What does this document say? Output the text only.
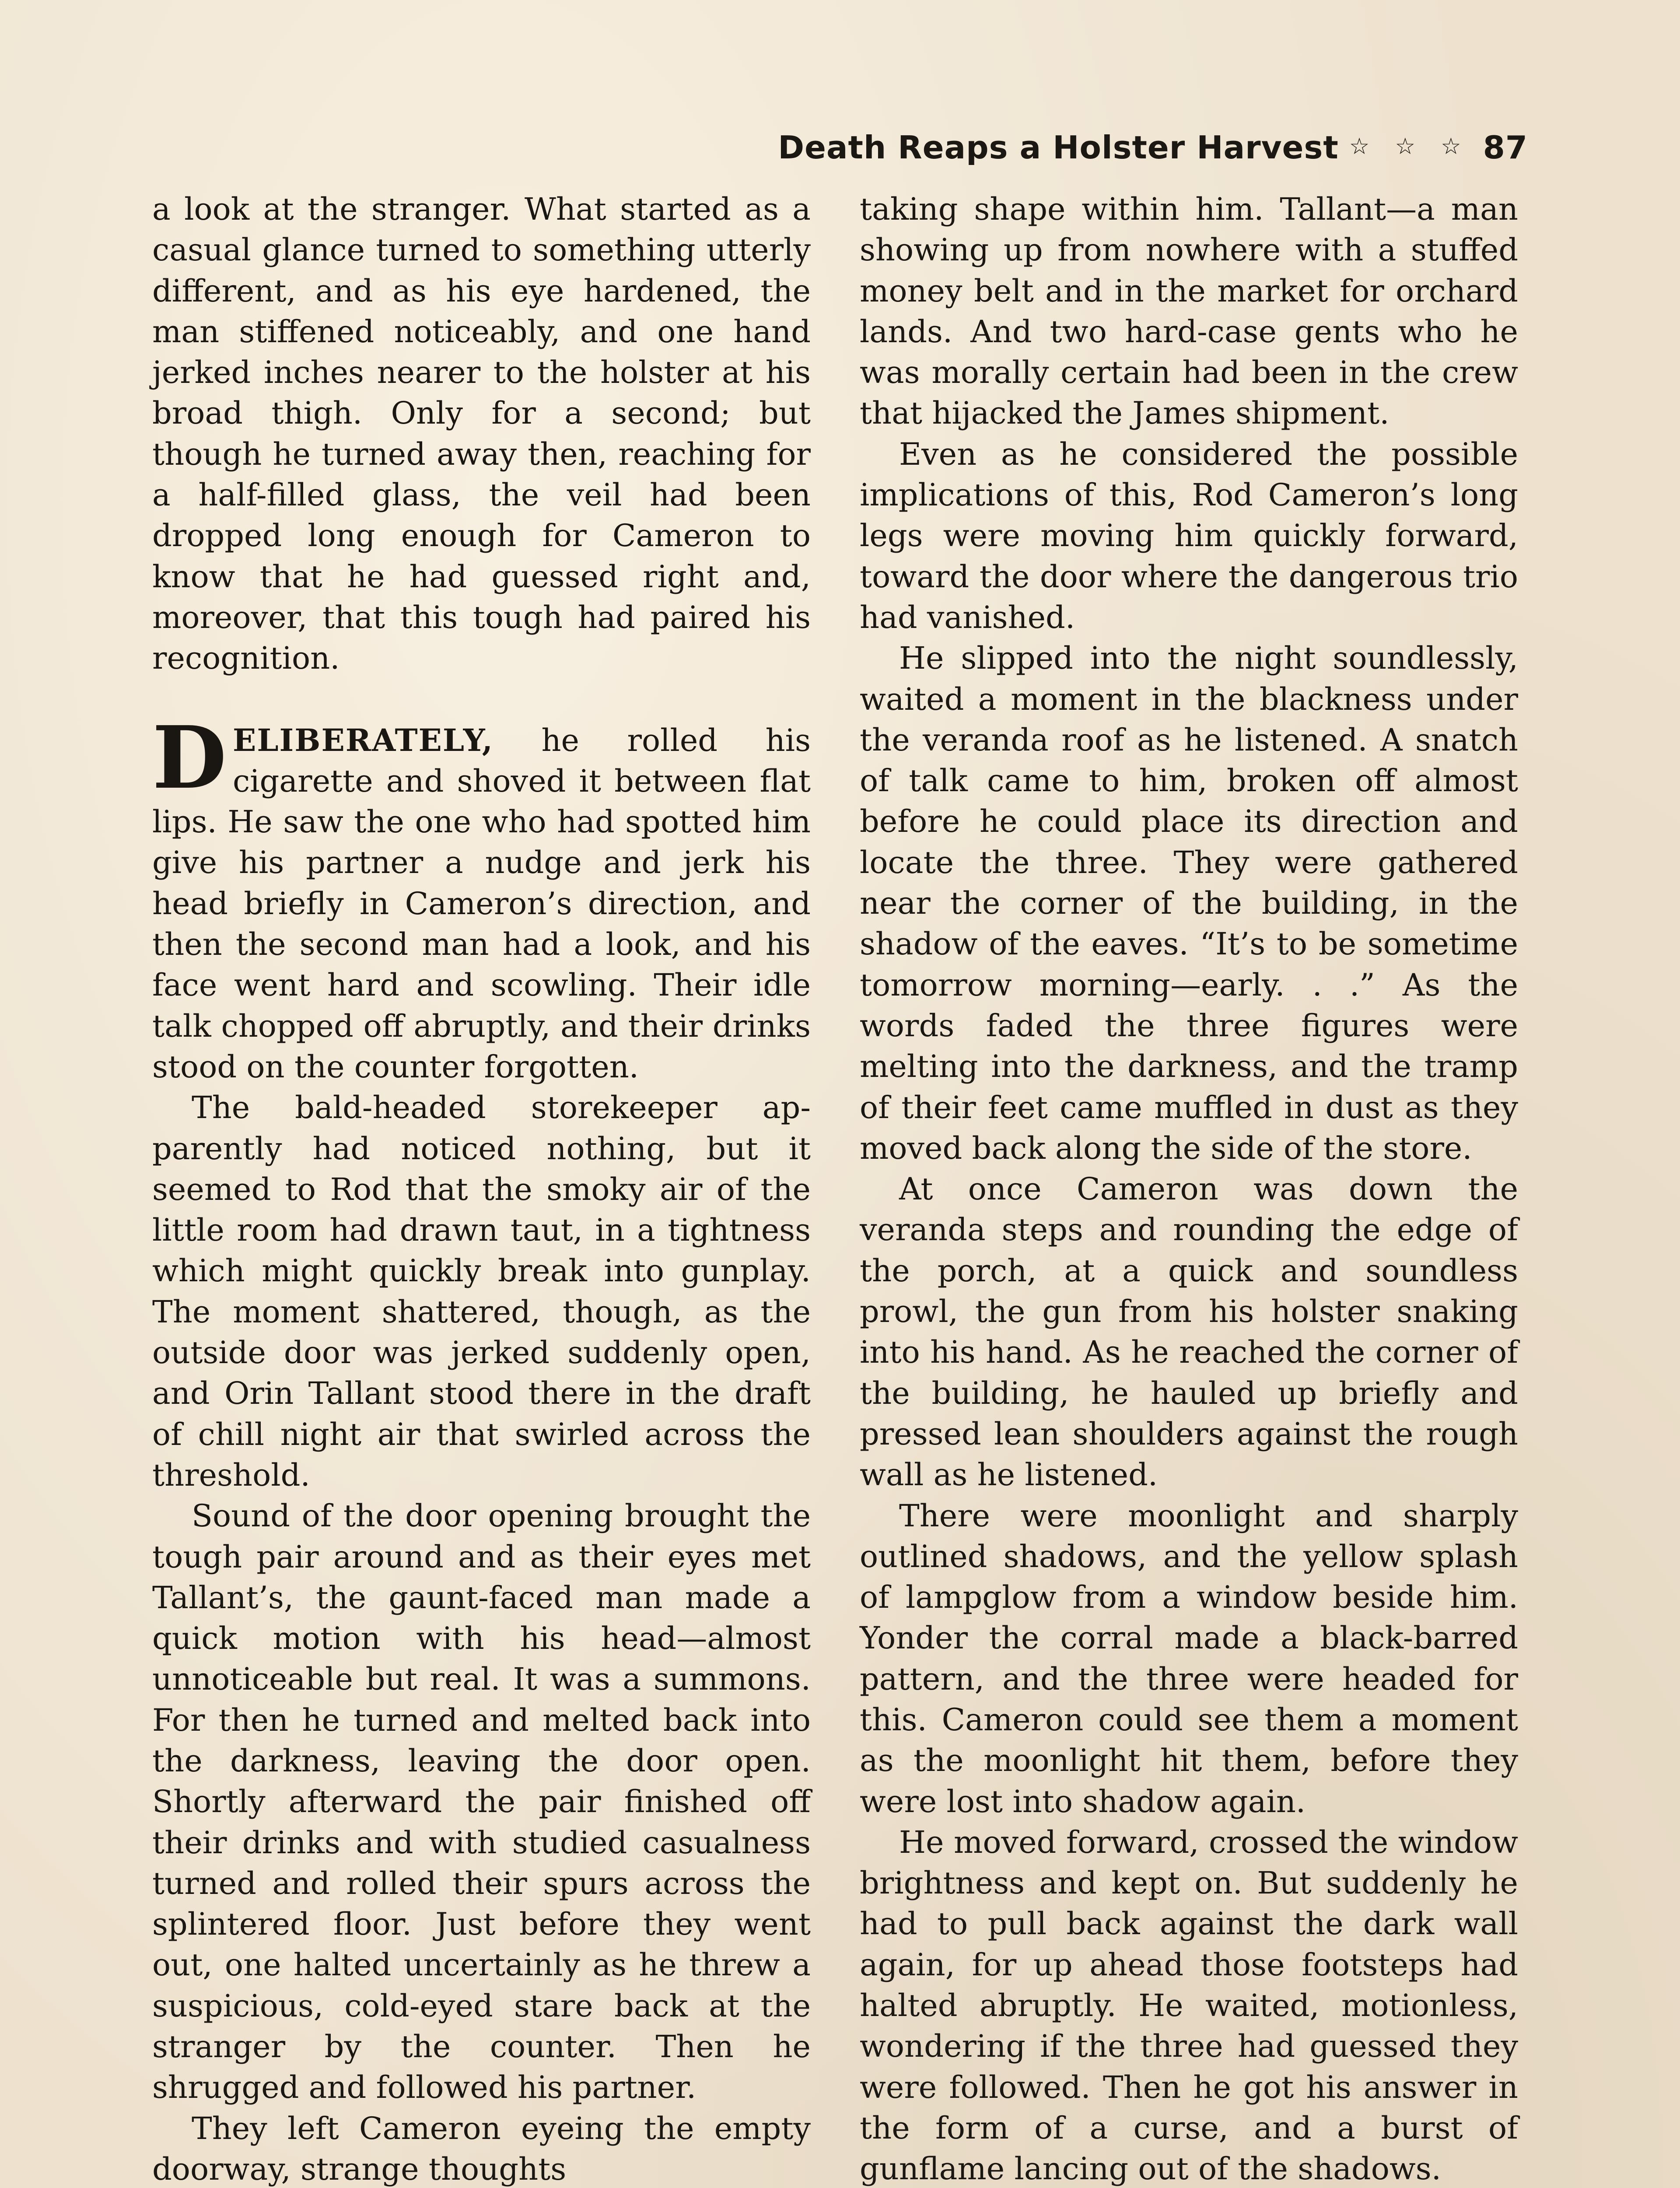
Death Reaps a Holster Harvest ☆ ☆ ☆ 87

a look at the stranger. What started as a casual glance turned to something utterly different, and as his eye hardened, the man stiffened noticeably, and one hand jerked inches nearer to the holster at his broad thigh. Only for a second; but though he turned away then, reaching for a half-filled glass, the veil had been dropped long enough for Cameron to know that he had guessed right and, moreover, that this tough had paired his recognition.

DELIBERATELY, he rolled his cigarette and shoved it between flat lips. He saw the one who had spotted him give his partner a nudge and jerk his head briefly in Cameron’s direction, and then the second man had a look, and his face went hard and scowling. Their idle talk chopped off abruptly, and their drinks stood on the counter forgotten.

The bald-headed storekeeper apparently had noticed nothing, but it seemed to Rod that the smoky air of the little room had drawn taut, in a tightness which might quickly break into gunplay. The moment shattered, though, as the outside door was jerked suddenly open, and Orin Tallant stood there in the draft of chill night air that swirled across the threshold.

Sound of the door opening brought the tough pair around and as their eyes met Tallant’s, the gaunt-faced man made a quick motion with his head—almost unnoticeable but real. It was a summons. For then he turned and melted back into the darkness, leaving the door open. Shortly afterward the pair finished off their drinks and with studied casualness turned and rolled their spurs across the splintered floor. Just before they went out, one halted uncertainly as he threw a suspicious, cold-eyed stare back at the stranger by the counter. Then he shrugged and followed his partner.

They left Cameron eyeing the empty doorway, strange thoughts

taking shape within him. Tallant—a man showing up from nowhere with a stuffed money belt and in the market for orchard lands. And two hard-case gents who he was morally certain had been in the crew that hijacked the James shipment.

Even as he considered the possible implications of this, Rod Cameron’s long legs were moving him quickly forward, toward the door where the dangerous trio had vanished.

He slipped into the night soundlessly, waited a moment in the blackness under the veranda roof as he listened. A snatch of talk came to him, broken off almost before he could place its direction and locate the three. They were gathered near the corner of the building, in the shadow of the eaves. “It’s to be sometime tomorrow morning—early. . .” As the words faded the three figures were melting into the darkness, and the tramp of their feet came muffled in dust as they moved back along the side of the store.

At once Cameron was down the veranda steps and rounding the edge of the porch, at a quick and soundless prowl, the gun from his holster snaking into his hand. As he reached the corner of the building, he hauled up briefly and pressed lean shoulders against the rough wall as he listened.

There were moonlight and sharply outlined shadows, and the yellow splash of lampglow from a window beside him. Yonder the corral made a black-barred pattern, and the three were headed for this. Cameron could see them a moment as the moonlight hit them, before they were lost into shadow again.

He moved forward, crossed the window brightness and kept on. But suddenly he had to pull back against the dark wall again, for up ahead those footsteps had halted abruptly. He waited, motionless, wondering if the three had guessed they were followed. Then he got his answer in the form of a curse, and a burst of gunflame lancing out of the shadows.
